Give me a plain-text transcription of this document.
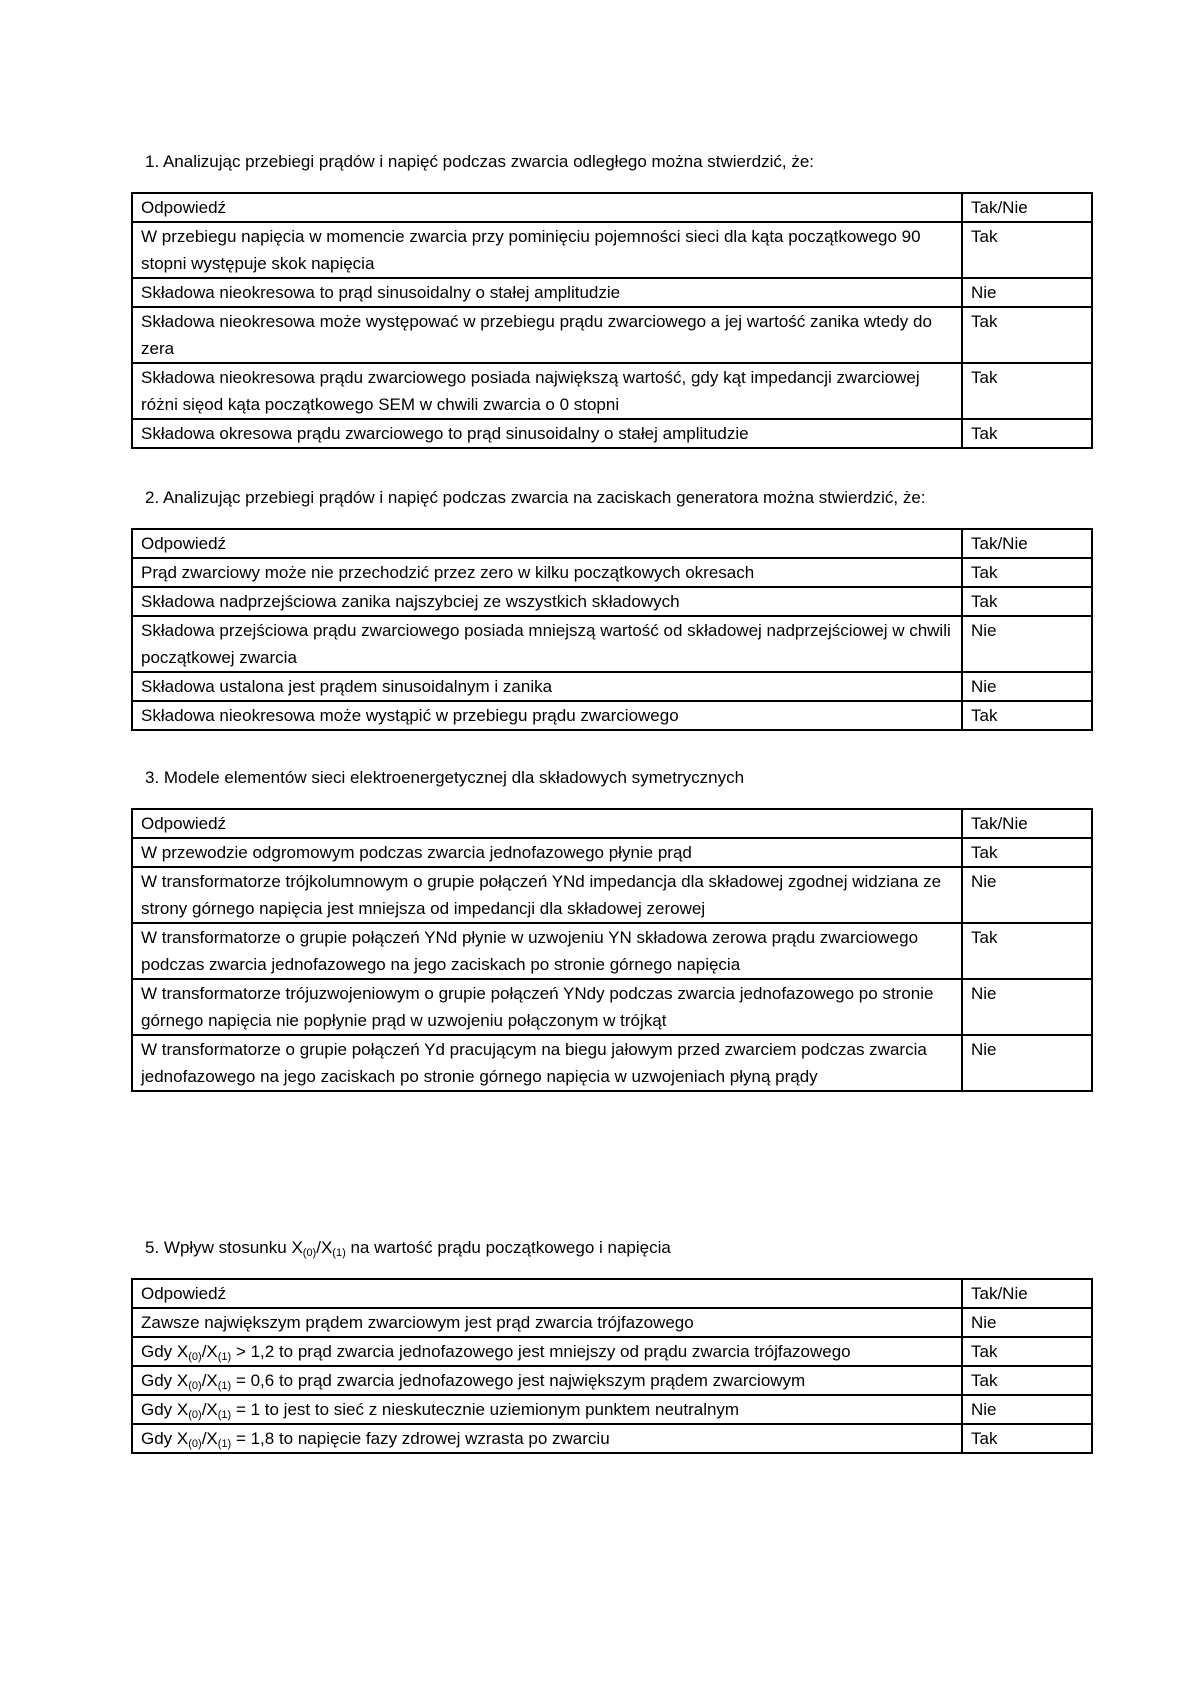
1. Analizując przebiegi prądów i napięć podczas zwarcia odległego można stwierdzić, że:

Odpowiedź	Tak/Nie
W przebiegu napięcia w momencie zwarcia przy pominięciu pojemności sieci dla kąta początkowego 90 stopni występuje skok napięcia	Tak
Składowa nieokresowa to prąd sinusoidalny o stałej amplitudzie	Nie
Składowa nieokresowa może występować w przebiegu prądu zwarciowego a jej wartość zanika wtedy do zera	Tak
Składowa nieokresowa prądu zwarciowego posiada największą wartość, gdy kąt impedancji zwarciowej różni sięod kąta początkowego SEM w chwili zwarcia o 0 stopni	Tak
Składowa okresowa prądu zwarciowego to prąd sinusoidalny o stałej amplitudzie	Tak

2. Analizując przebiegi prądów i napięć podczas zwarcia na zaciskach generatora można stwierdzić, że:

Odpowiedź	Tak/Nie
Prąd zwarciowy może nie przechodzić przez zero w kilku początkowych okresach	Tak
Składowa nadprzejściowa zanika najszybciej ze wszystkich składowych	Tak
Składowa przejściowa prądu zwarciowego posiada mniejszą wartość od składowej nadprzejściowej w chwili początkowej zwarcia	Nie
Składowa ustalona jest prądem sinusoidalnym i zanika	Nie
Składowa nieokresowa może wystąpić w przebiegu prądu zwarciowego	Tak

3. Modele elementów sieci elektroenergetycznej dla składowych symetrycznych

Odpowiedź	Tak/Nie
W przewodzie odgromowym podczas zwarcia jednofazowego płynie prąd	Tak
W transformatorze trójkolumnowym o grupie połączeń YNd impedancja dla składowej zgodnej widziana ze strony górnego napięcia jest mniejsza od impedancji dla składowej zerowej	Nie
W transformatorze o grupie połączeń YNd płynie w uzwojeniu YN składowa zerowa prądu zwarciowego podczas zwarcia jednofazowego na jego zaciskach po stronie górnego napięcia	Tak
W transformatorze trójuzwojeniowym o grupie połączeń YNdy podczas zwarcia jednofazowego po stronie górnego napięcia nie popłynie prąd w uzwojeniu połączonym w trójkąt	Nie
W transformatorze o grupie połączeń Yd pracującym na biegu jałowym przed zwarciem podczas zwarcia jednofazowego na jego zaciskach po stronie górnego napięcia w uzwojeniach płyną prądy	Nie

5. Wpływ stosunku $X_{(0)}/X_{(1)}$ na wartość prądu początkowego i napięcia

Odpowiedź	Tak/Nie
Zawsze największym prądem zwarciowym jest prąd zwarcia trójfazowego	Nie
Gdy $X_{(0)}/X_{(1)} > 1,2$ to prąd zwarcia jednofazowego jest mniejszy od prądu zwarcia trójfazowego	Tak
Gdy $X_{(0)}/X_{(1)} = 0,6$ to prąd zwarcia jednofazowego jest największym prądem zwarciowym	Tak
Gdy $X_{(0)}/X_{(1)} = 1$ to jest to sieć z nieskutecznie uziemionym punktem neutralnym	Nie
Gdy $X_{(0)}/X_{(1)} = 1,8$ to napięcie fazy zdrowej wzrasta po zwarciu	Tak
